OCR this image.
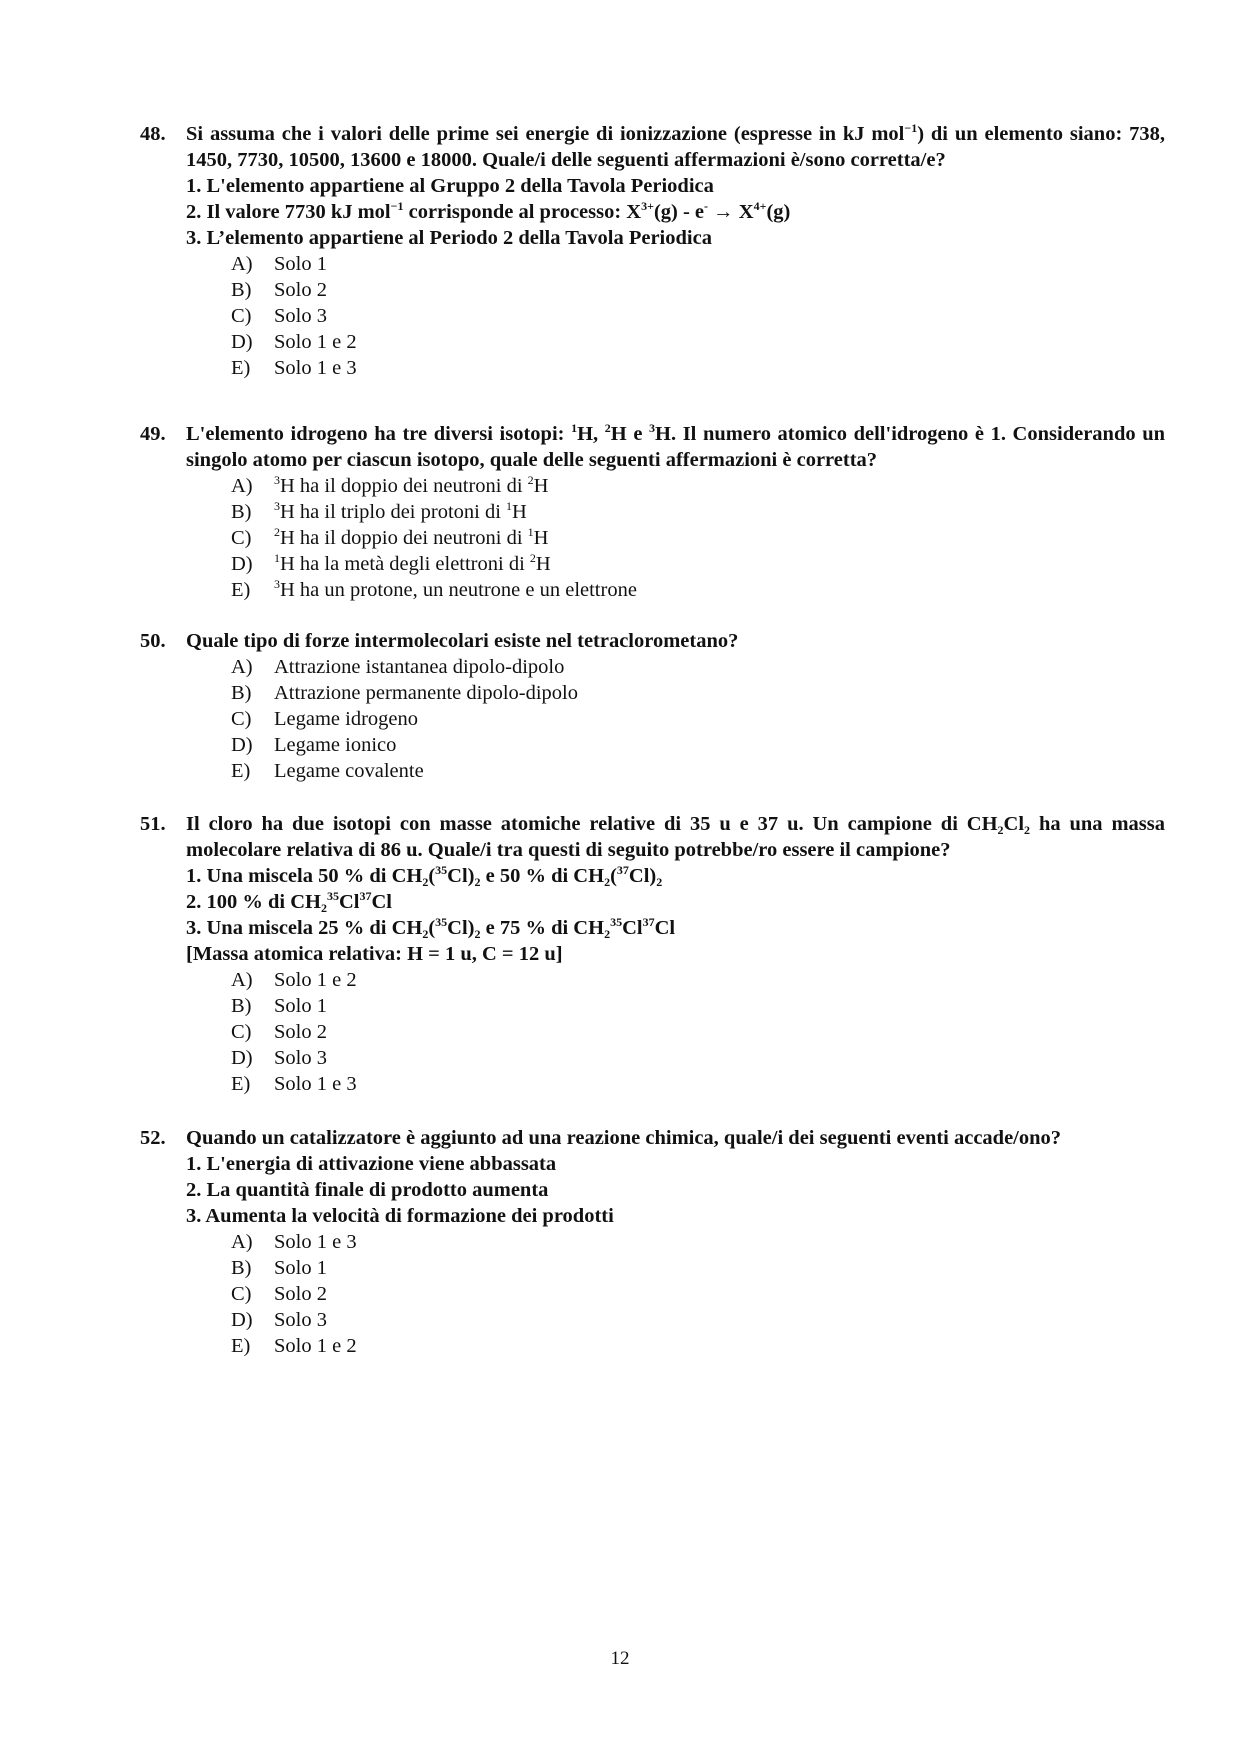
48. Si assuma che i valori delle prime sei energie di ionizzazione (espresse in kJ mol$^{-1}$) di un elemento siano: 738, 1450, 7730, 10500, 13600 e 18000. Quale/i delle seguenti affermazioni è/sono corretta/e?
1. L'elemento appartiene al Gruppo 2 della Tavola Periodica
2. Il valore 7730 kJ mol$^{-1}$ corrisponde al processo: $X^{3+}(g) - e^- \to X^{4+}(g)$
3. L’elemento appartiene al Periodo 2 della Tavola Periodica
A)	Solo 1
B)	Solo 2
C)	Solo 3
D)	Solo 1 e 2
E)	Solo 1 e 3
49. L'elemento idrogeno ha tre diversi isotopi: $^1$H, $^2$H e $^3$H. Il numero atomico dell'idrogeno è 1. Considerando un singolo atomo per ciascun isotopo, quale delle seguenti affermazioni è corretta?
A)	$^3$H ha il doppio dei neutroni di $^2$H
B)	$^3$H ha il triplo dei protoni di $^1$H
C)	$^2$H ha il doppio dei neutroni di $^1$H
D)	$^1$H ha la metà degli elettroni di $^2$H
E)	$^3$H ha un protone, un neutrone e un elettrone
50. Quale tipo di forze intermolecolari esiste nel tetraclorometano?
A)	Attrazione istantanea dipolo-dipolo
B)	Attrazione permanente dipolo-dipolo
C)	Legame idrogeno
D)	Legame ionico
E)	Legame covalente
51. Il cloro ha due isotopi con masse atomiche relative di 35 u e 37 u. Un campione di $CH_2Cl_2$ ha una massa molecolare relativa di 86 u. Quale/i tra questi di seguito potrebbe/ro essere il campione?
1. Una miscela 50 % di $CH_2(^{35}Cl)_2$ e 50 % di $CH_2(^{37}Cl)_2$
2. 100 % di $CH_2^{35}Cl^{37}Cl$
3. Una miscela 25 % di $CH_2(^{35}Cl)_2$ e 75 % di $CH_2^{35}Cl^{37}Cl$
[Massa atomica relativa: H = 1 u, C = 12 u]
A)	Solo 1 e 2
B)	Solo 1
C)	Solo 2
D)	Solo 3
E)	Solo 1 e 3
52. Quando un catalizzatore è aggiunto ad una reazione chimica, quale/i dei seguenti eventi accade/ono?
1. L'energia di attivazione viene abbassata
2. La quantità finale di prodotto aumenta
3. Aumenta la velocità di formazione dei prodotti
A)	Solo 1 e 3
B)	Solo 1
C)	Solo 2
D)	Solo 3
E)	Solo 1 e 2
12
